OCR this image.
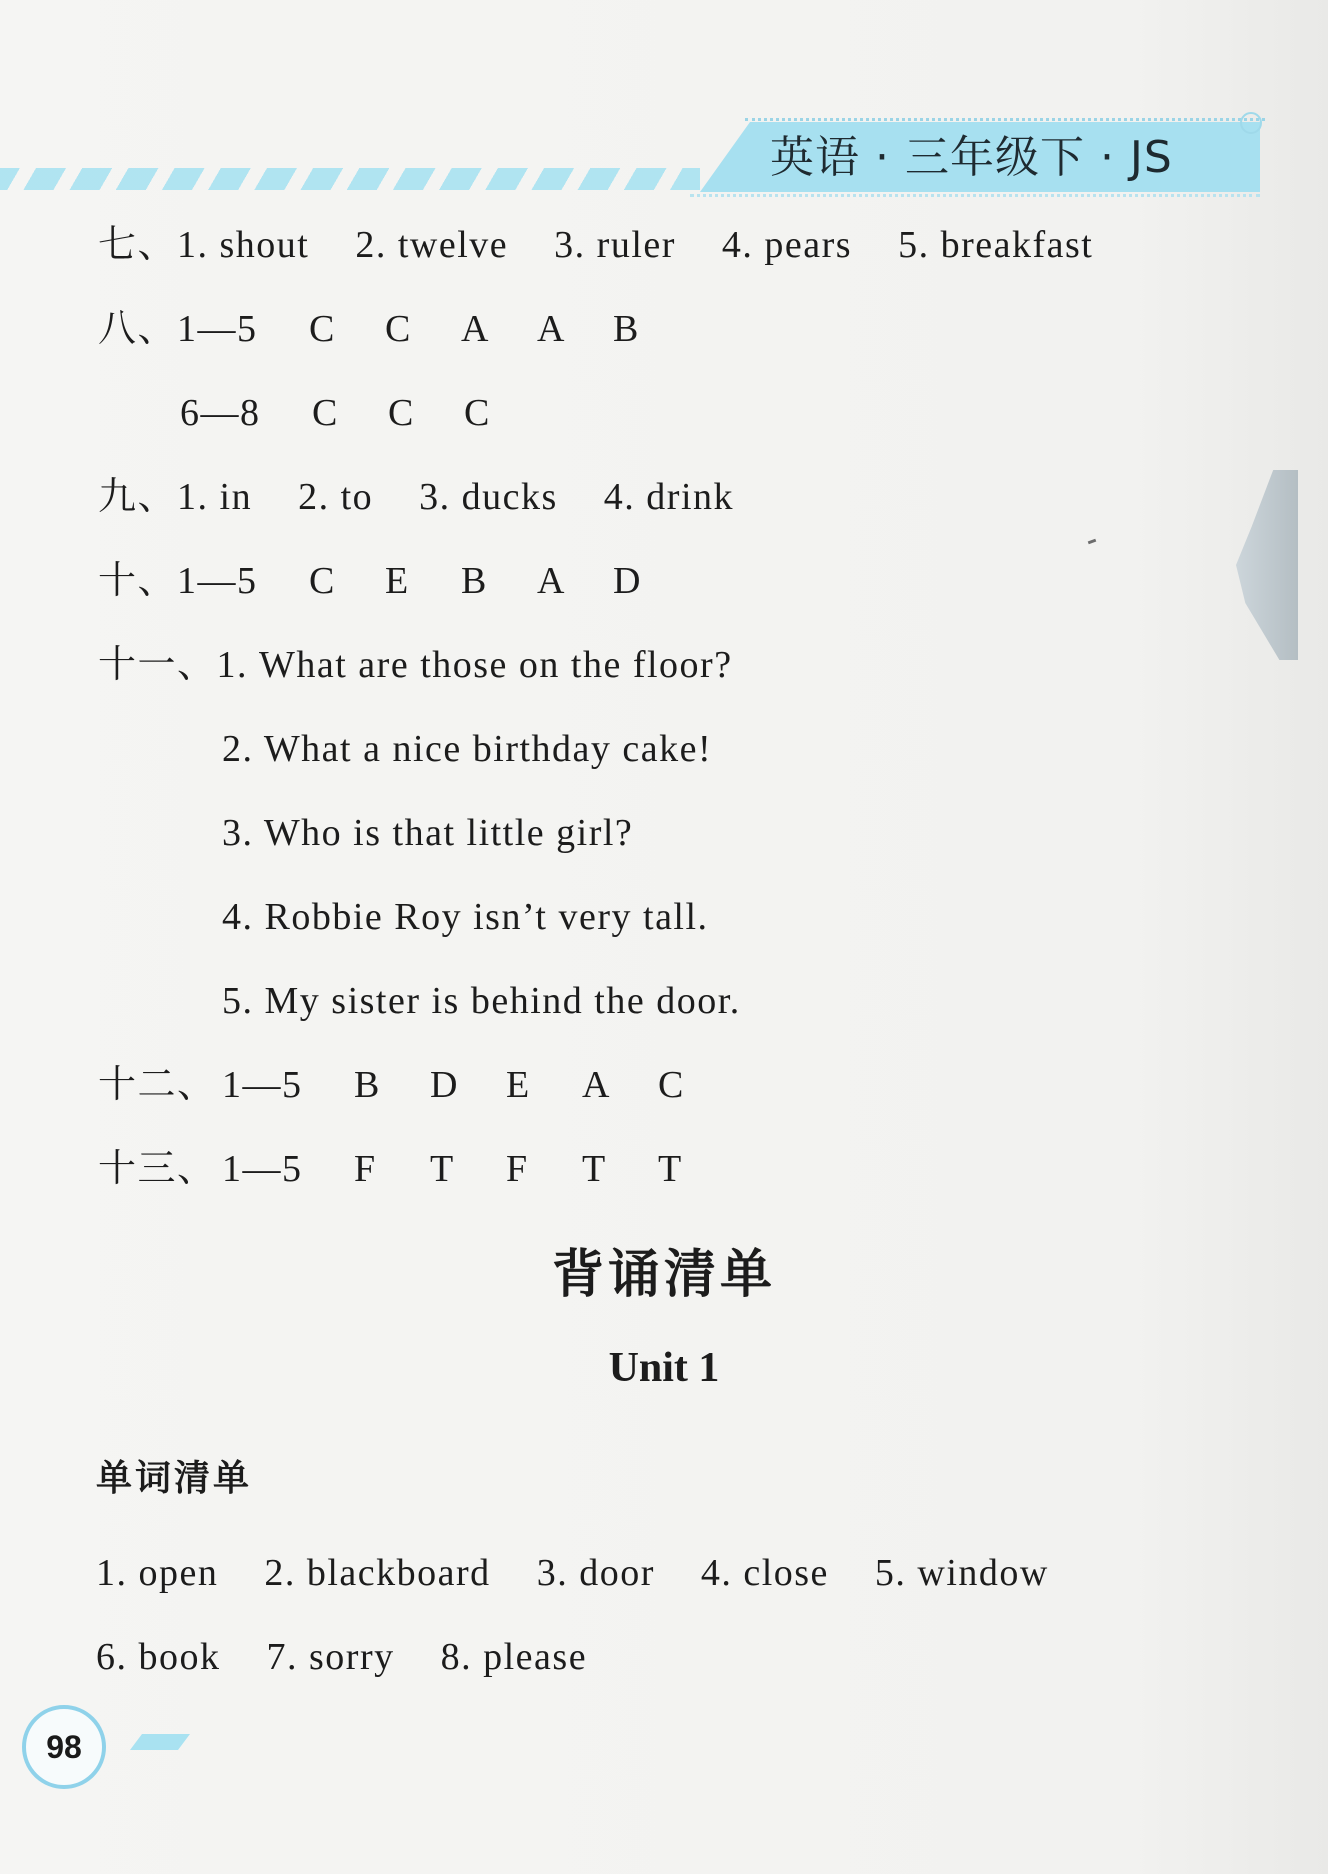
英语 · 三年级下 · JS
七、1. shout 2. twelve 3. ruler 4. pears 5. breakfast
八、1—5 C C A A B
6—8 C C C
九、1. in 2. to 3. ducks 4. drink
十、1—5 C E B A D
十一、1. What are those on the floor?
2. What a nice birthday cake!
3. Who is that little girl?
4. Robbie Roy isn’t very tall.
5. My sister is behind the door.
十二、 1—5 B D E A C
十三、 1—5 F T F T T
背诵清单
Unit 1
单词清单
1. open 2. blackboard 3. door 4. close 5. window
6. book 7. sorry 8. please
98
